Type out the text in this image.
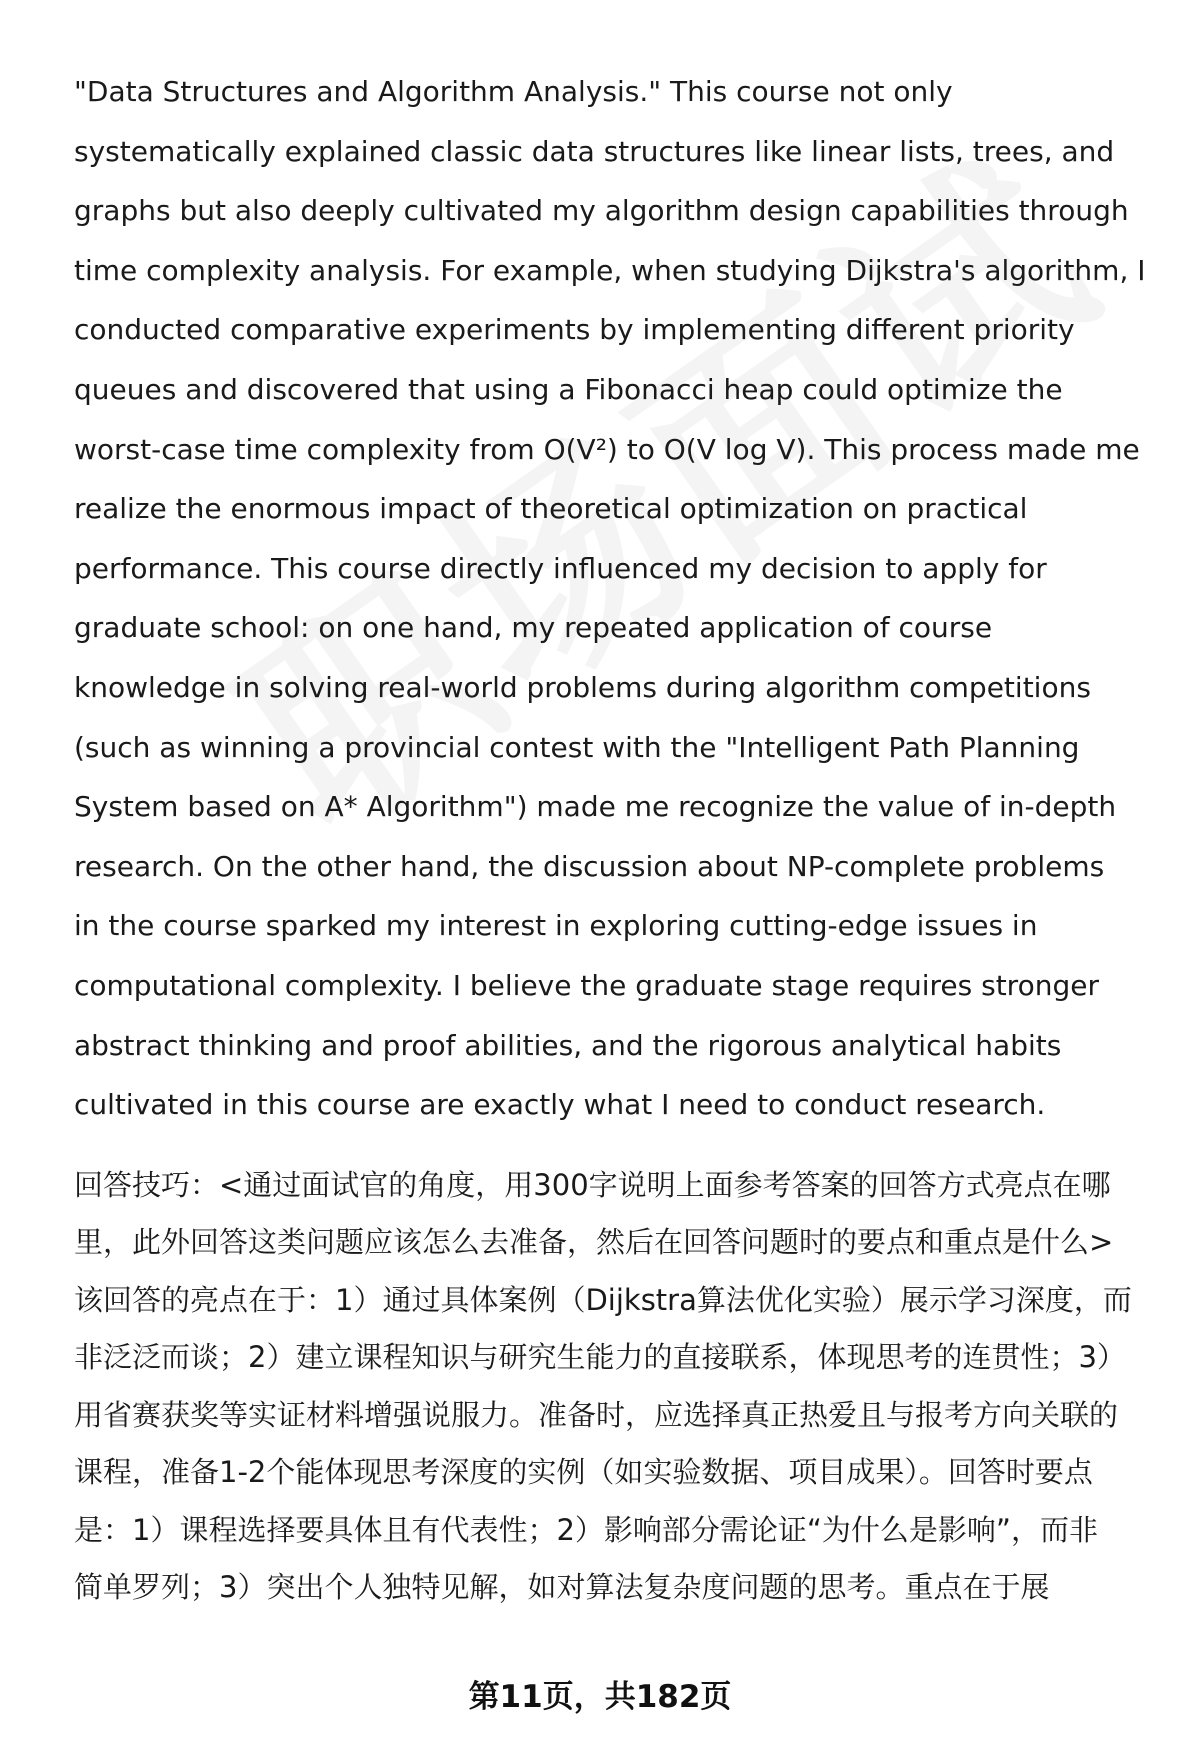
"Data Structures and Algorithm Analysis." This course not only
systematically explained classic data structures like linear lists, trees, and
graphs but also deeply cultivated my algorithm design capabilities through
time complexity analysis. For example, when studying Dijkstra's algorithm, I
conducted comparative experiments by implementing different priority
queues and discovered that using a Fibonacci heap could optimize the
worst-case time complexity from O(V²) to O(V log V). This process made me
realize the enormous impact of theoretical optimization on practical
performance. This course directly influenced my decision to apply for
graduate school: on one hand, my repeated application of course
knowledge in solving real-world problems during algorithm competitions
(such as winning a provincial contest with the "Intelligent Path Planning
System based on A* Algorithm") made me recognize the value of in-depth
research. On the other hand, the discussion about NP-complete problems
in the course sparked my interest in exploring cutting-edge issues in
computational complexity. I believe the graduate stage requires stronger
abstract thinking and proof abilities, and the rigorous analytical habits
cultivated in this course are exactly what I need to conduct research.
回答技巧：<通过面试官的角度，用300字说明上面参考答案的回答方式亮点在哪
里，此外回答这类问题应该怎么去准备，然后在回答问题时的要点和重点是什么>
该回答的亮点在于：1）通过具体案例（Dijkstra算法优化实验）展示学习深度，而
非泛泛而谈；2）建立课程知识与研究生能力的直接联系，体现思考的连贯性；3）
用省赛获奖等实证材料增强说服力。准备时，应选择真正热爱且与报考方向关联的
课程，准备1-2个能体现思考深度的实例（如实验数据、项目成果）。回答时要点
是：1）课程选择要具体且有代表性；2）影响部分需论证“为什么是影响”，而非
简单罗列；3）突出个人独特见解，如对算法复杂度问题的思考。重点在于展
第11页，共182页
